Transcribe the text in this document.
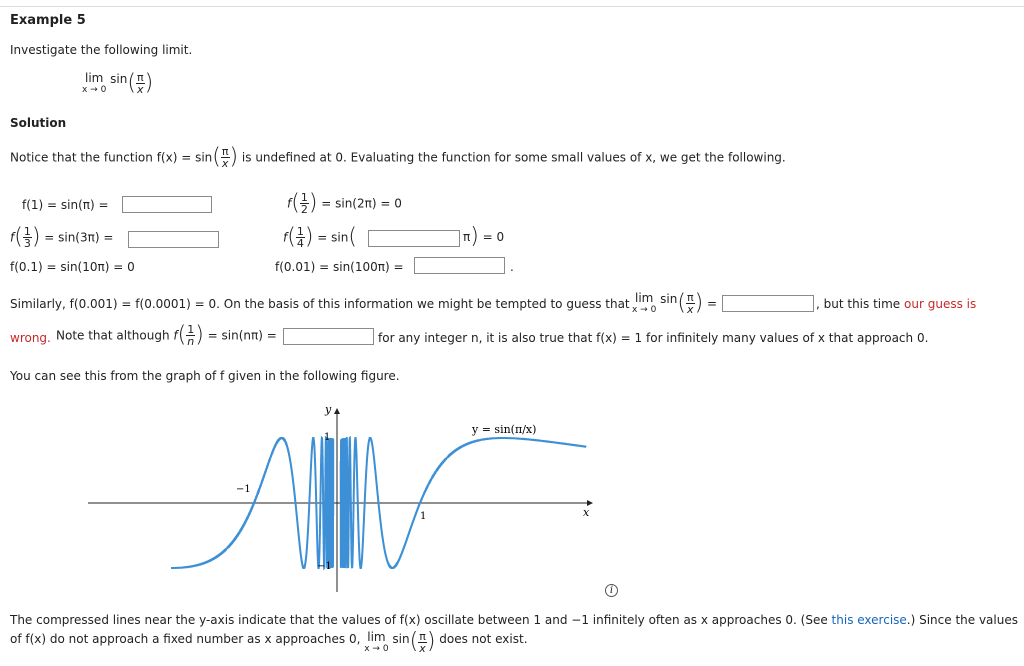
Example 5
Investigate the following limit.
lim
x → 0
$\sin( \frac{\pi}{x}$ )
Solution
Notice that the function $f(x) = \sin( \frac{\pi}{x}$ ) is undefined at 0. Evaluating the function for some small values of x, we get the following.
f(1) = sin(π) =	$f( \frac{1}{2}$ ) = sin(2π) = 0
$f( \frac{1}{3}$ ) = sin(3π) =	$f( \frac{1}{4}$ ) = sin(	π) = 0
f(0.1) = sin(10π) = 0	f(0.01) = sin(100π) =	.
Similarly, f(0.001) = f(0.0001) = 0. On the basis of this information we might be tempted to guess that lim
x → 0
$\sin( \frac{\pi}{x}$ ) =	, but this time our guess is
wrong. Note that although $f( \frac{1}{n}$ ) = sin(nπ) =	for any integer n, it is also true that f(x) = 1 for infinitely many values of x that approach 0.
You can see this from the graph of f given in the following figure.
y
x
1
−1
−1
1
y = sin(π/x)
i
The compressed lines near the y-axis indicate that the values of f(x) oscillate between 1 and −1 infinitely often as x approaches 0. (See this exercise.) Since the values
of f(x) do not approach a fixed number as x approaches 0, lim
x → 0
$\sin( \frac{\pi}{x}$ ) does not exist.
